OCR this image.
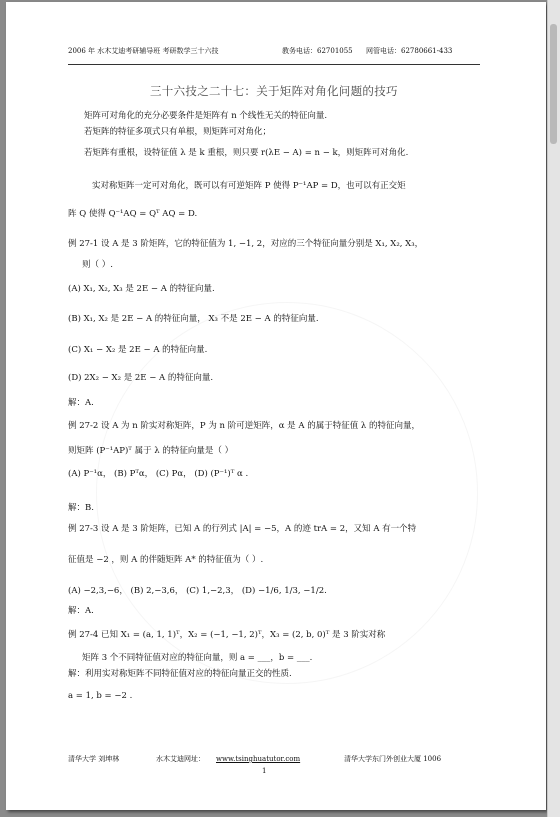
2006 年 水木艾迪考研辅导班 考研数学三十六技	教务电话：62701055 网管电话：62780661-433
三十六技之二十七：关于矩阵对角化问题的技巧
矩阵可对角化的充分必要条件是矩阵有 n 个线性无关的特征向量.
若矩阵的特征多项式只有单根，则矩阵可对角化；
若矩阵有重根，设特征值 λ 是 k 重根，则只要 r(λE − A) = n − k，则矩阵可对角化.
实对称矩阵一定可对角化，既可以有可逆矩阵 P 使得 P⁻¹AP = D，也可以有正交矩
阵 Q 使得 Q⁻¹AQ = Qᵀ AQ = D.
例 27-1 设 A 是 3 阶矩阵，它的特征值为 1, −1, 2，对应的三个特征向量分别是 X₁, X₂, X₃，
则（ ）.
(A) X₁, X₂, X₃ 是 2E − A 的特征向量.
(B) X₁, X₂ 是 2E − A 的特征向量， X₃ 不是 2E − A 的特征向量.
(C) X₁ − X₂ 是 2E − A 的特征向量.
(D) 2X₂ − X₂ 是 2E − A 的特征向量.
解：A.
例 27-2 设 A 为 n 阶实对称矩阵，P 为 n 阶可逆矩阵，α 是 A 的属于特征值 λ 的特征向量，
则矩阵 (P⁻¹AP)ᵀ 属于 λ 的特征向量是（ ）
(A) P⁻¹α， (B) Pᵀα， (C) Pα， (D) (P⁻¹)ᵀ α .
解：B.
例 27-3 设 A 是 3 阶矩阵，已知 A 的行列式 |A| = −5，A 的迹 trA = 2，又知 A 有一个特
征值是 −2 ，则 A 的伴随矩阵 A* 的特征值为（ ）.
(A) −2,3,−6， (B) 2,−3,6， (C) 1,−2,3， (D) −1/6, 1/3, −1/2.
解：A.
例 27-4 已知 X₁ = (a, 1, 1)ᵀ，X₂ = (−1, −1, 2)ᵀ，X₃ = (2, b, 0)ᵀ 是 3 阶实对称
矩阵 3 个不同特征值对应的特征向量，则 a = ___，b = ___.
解：利用实对称矩阵不同特征值对应的特征向量正交的性质.
a = 1, b = −2 .
清华大学 刘坤林	水木艾迪网址： www.tsinghuatutor.com	清华大学东门外创业大厦 1006
1
